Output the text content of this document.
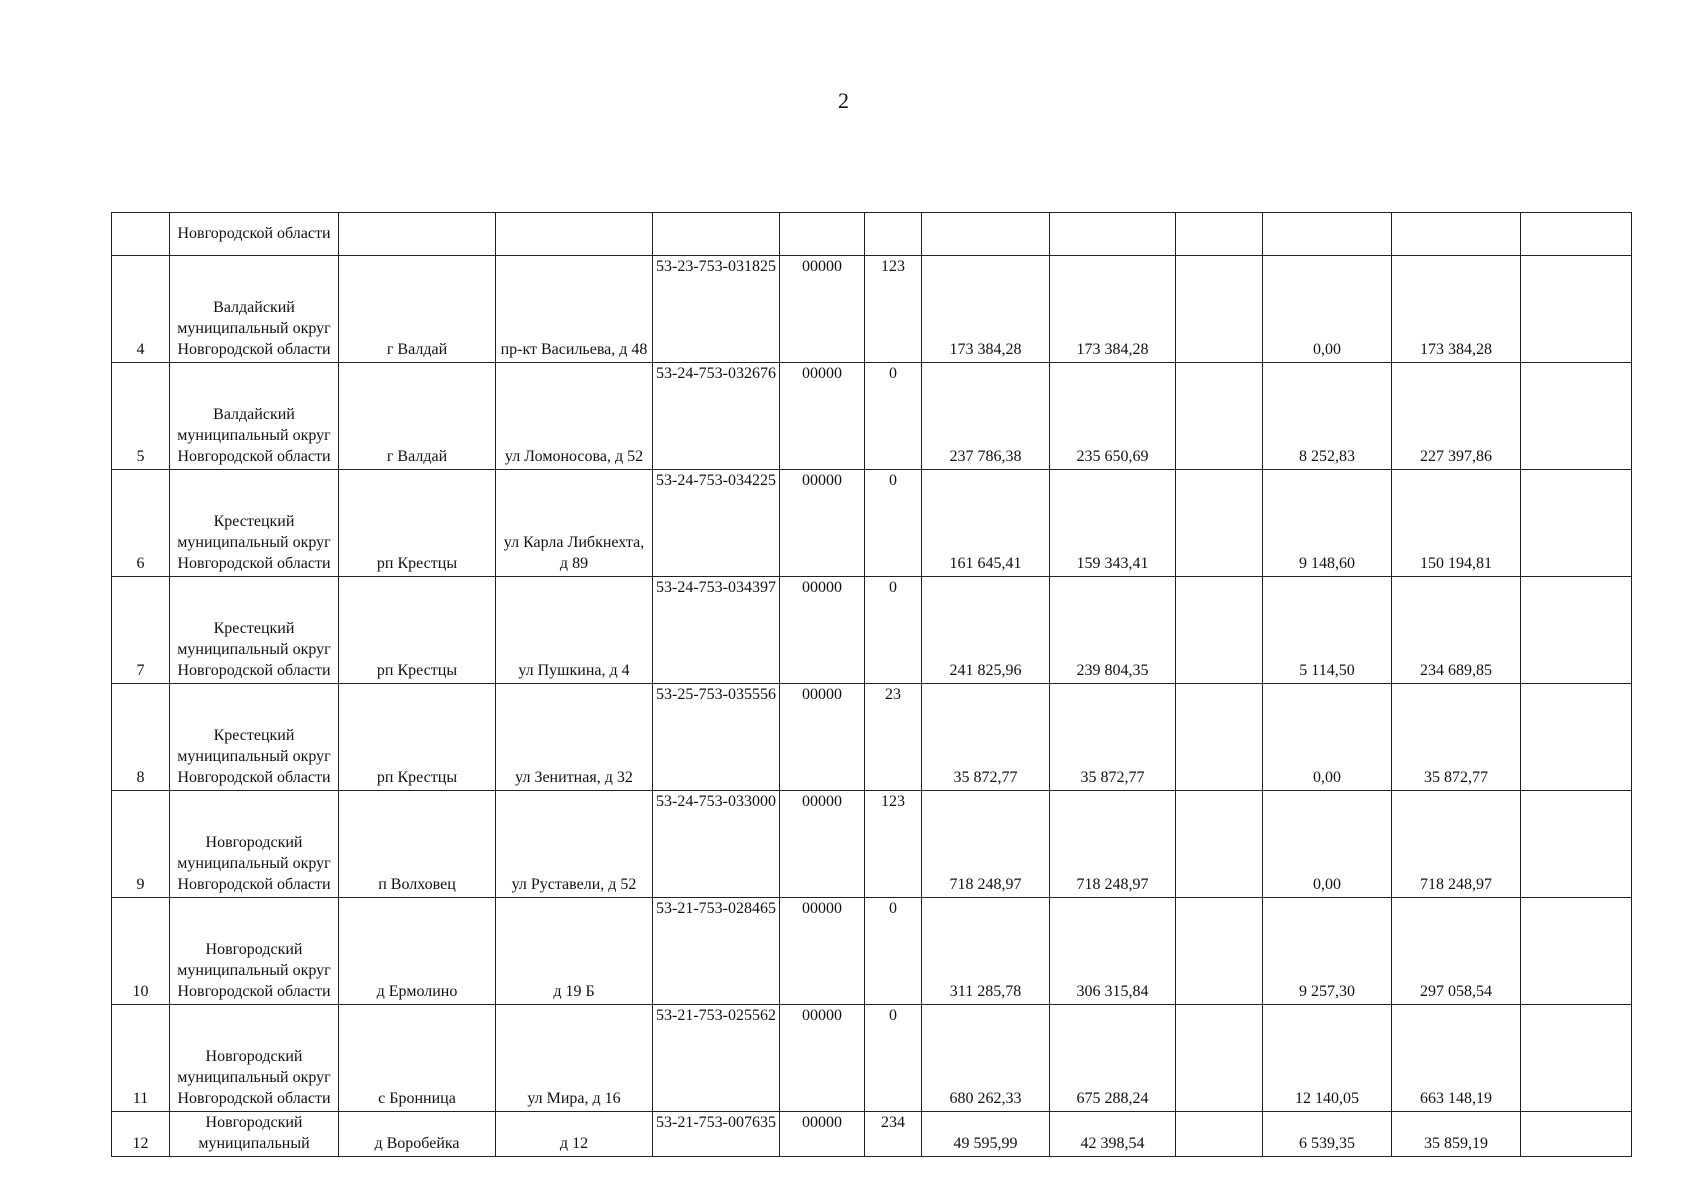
2
	Новгородской области											
4	Валдайский муниципальный округ Новгородской области	г Валдай	пр-кт Васильева, д 48	53-23-753-031825	00000	123	173 384,28	173 384,28		0,00	173 384,28	
5	Валдайский муниципальный округ Новгородской области	г Валдай	ул Ломоносова, д 52	53-24-753-032676	00000	0	237 786,38	235 650,69		8 252,83	227 397,86	
6	Крестецкий муниципальный округ Новгородской области	рп Крестцы	ул Карла Либкнехта, д 89	53-24-753-034225	00000	0	161 645,41	159 343,41		9 148,60	150 194,81	
7	Крестецкий муниципальный округ Новгородской области	рп Крестцы	ул Пушкина, д 4	53-24-753-034397	00000	0	241 825,96	239 804,35		5 114,50	234 689,85	
8	Крестецкий муниципальный округ Новгородской области	рп Крестцы	ул Зенитная, д 32	53-25-753-035556	00000	23	35 872,77	35 872,77		0,00	35 872,77	
9	Новгородский муниципальный округ Новгородской области	п Волховец	ул Руставели, д 52	53-24-753-033000	00000	123	718 248,97	718 248,97		0,00	718 248,97	
10	Новгородский муниципальный округ Новгородской области	д Ермолино	д 19 Б	53-21-753-028465	00000	0	311 285,78	306 315,84		9 257,30	297 058,54	
11	Новгородский муниципальный округ Новгородской области	с Бронница	ул Мира, д 16	53-21-753-025562	00000	0	680 262,33	675 288,24		12 140,05	663 148,19	
12	Новгородский муниципальный	д Воробейка	д 12	53-21-753-007635	00000	234	49 595,99	42 398,54		6 539,35	35 859,19	
